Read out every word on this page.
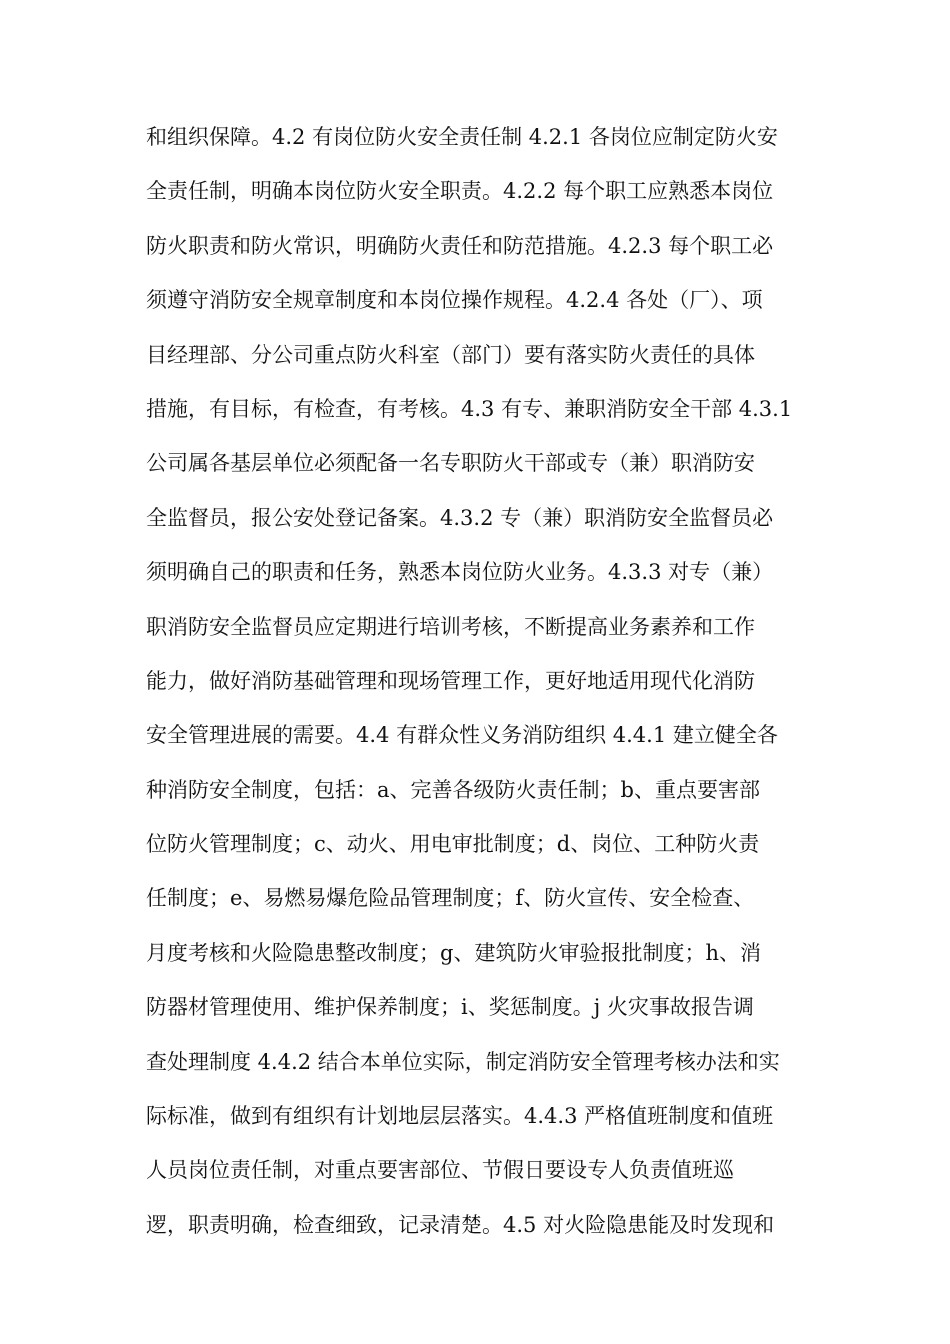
和组织保障。4.2 有岗位防火安全责任制 4.2.1 各岗位应制定防火安
全责任制，明确本岗位防火安全职责。4.2.2 每个职工应熟悉本岗位
防火职责和防火常识，明确防火责任和防范措施。4.2.3 每个职工必
须遵守消防安全规章制度和本岗位操作规程。4.2.4 各处（厂）、项
目经理部、分公司重点防火科室（部门）要有落实防火责任的具体
措施，有目标，有检查，有考核。4.3 有专、兼职消防安全干部 4.3.1
公司属各基层单位必须配备一名专职防火干部或专（兼）职消防安
全监督员，报公安处登记备案。4.3.2 专（兼）职消防安全监督员必
须明确自己的职责和任务，熟悉本岗位防火业务。4.3.3 对专（兼）
职消防安全监督员应定期进行培训考核，不断提高业务素养和工作
能力，做好消防基础管理和现场管理工作，更好地适用现代化消防
安全管理进展的需要。4.4 有群众性义务消防组织 4.4.1 建立健全各
种消防安全制度，包括：a、完善各级防火责任制；b、重点要害部
位防火管理制度；c、动火、用电审批制度；d、岗位、工种防火责
任制度；e、易燃易爆危险品管理制度；f、防火宣传、安全检查、
月度考核和火险隐患整改制度；g、建筑防火审验报批制度；h、消
防器材管理使用、维护保养制度；i、奖惩制度。j 火灾事故报告调
查处理制度 4.4.2 结合本单位实际，制定消防安全管理考核办法和实
际标准，做到有组织有计划地层层落实。4.4.3 严格值班制度和值班
人员岗位责任制，对重点要害部位、节假日要设专人负责值班巡
逻，职责明确，检查细致，记录清楚。4.5 对火险隐患能及时发现和
